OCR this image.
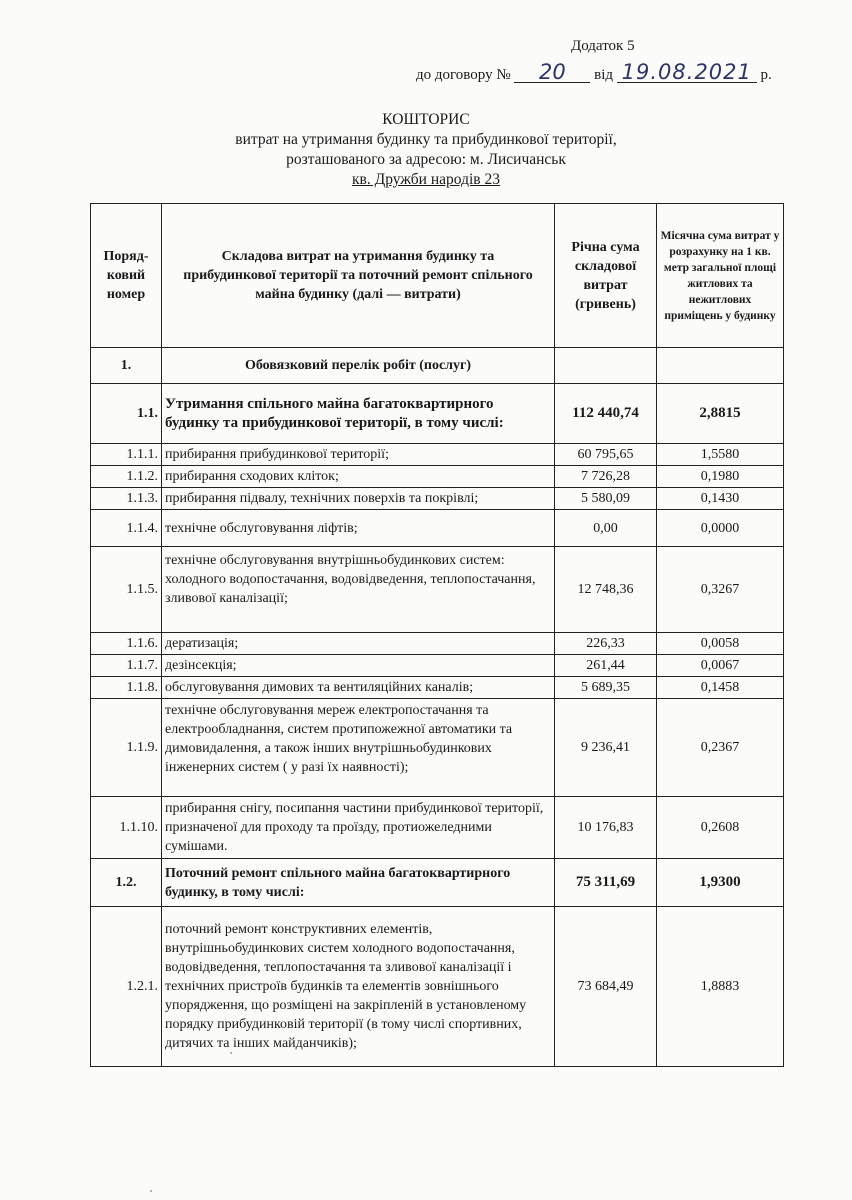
Додаток 5
до договору № 20 від 19.08.2021 р.
КОШТОРИС
витрат на утримання будинку та прибудинкової території,
розташованого за адресою: м. Лисичанськ
кв. Дружби народів 23
Поряд-ковий номер	Складова витрат на утримання будинку та прибудинкової території та поточний ремонт спільного майна будинку (далі — витрати)	Річна сума складової витрат (гривень)	Місячна сума витрат у розрахунку на 1 кв. метр загальної площі житлових та нежитлових приміщень у будинку
1.	Обовязковий перелік робіт (послуг)		
1.1.	Утримання спільного майна багатоквартирного будинку та прибудинкової території, в тому числі:	112 440,74	2,8815
1.1.1.	прибирання прибудинкової території;	60 795,65	1,5580
1.1.2.	прибирання сходових кліток;	7 726,28	0,1980
1.1.3.	прибирання підвалу, технічних поверхів та покрівлі;	5 580,09	0,1430
1.1.4.	технічне обслуговування ліфтів;	0,00	0,0000
1.1.5.	технічне обслуговування внутрішньобудинкових систем: холодного водопостачання, водовідведення, теплопостачання, зливової каналізації;	12 748,36	0,3267
1.1.6.	дератизація;	226,33	0,0058
1.1.7.	дезінсекція;	261,44	0,0067
1.1.8.	обслуговування димових та вентиляційних каналів;	5 689,35	0,1458
1.1.9.	технічне обслуговування мереж електропостачання та електрообладнання, систем протипожежної автоматики та димовидалення, а також інших внутрішньобудинкових інженерних систем ( у разі їх наявності);	9 236,41	0,2367
1.1.10.	прибирання снігу, посипання частини прибудинкової території, призначеної для проходу та проїзду, протиожеледними сумішами.	10 176,83	0,2608
1.2.	Поточний ремонт спільного майна багатоквартирного будинку, в тому числі:	75 311,69	1,9300
1.2.1.	поточний ремонт конструктивних елементів, внутрішньобудинкових систем холодного водопостачання, водовідведення, теплопостачання та зливової каналізації і технічних пристроїв будинків та елементів зовнішнього упорядження, що розміщені на закріпленій в установленому порядку прибудинковій території (в тому числі спортивних, дитячих та інших майданчиків);	73 684,49	1,8883
